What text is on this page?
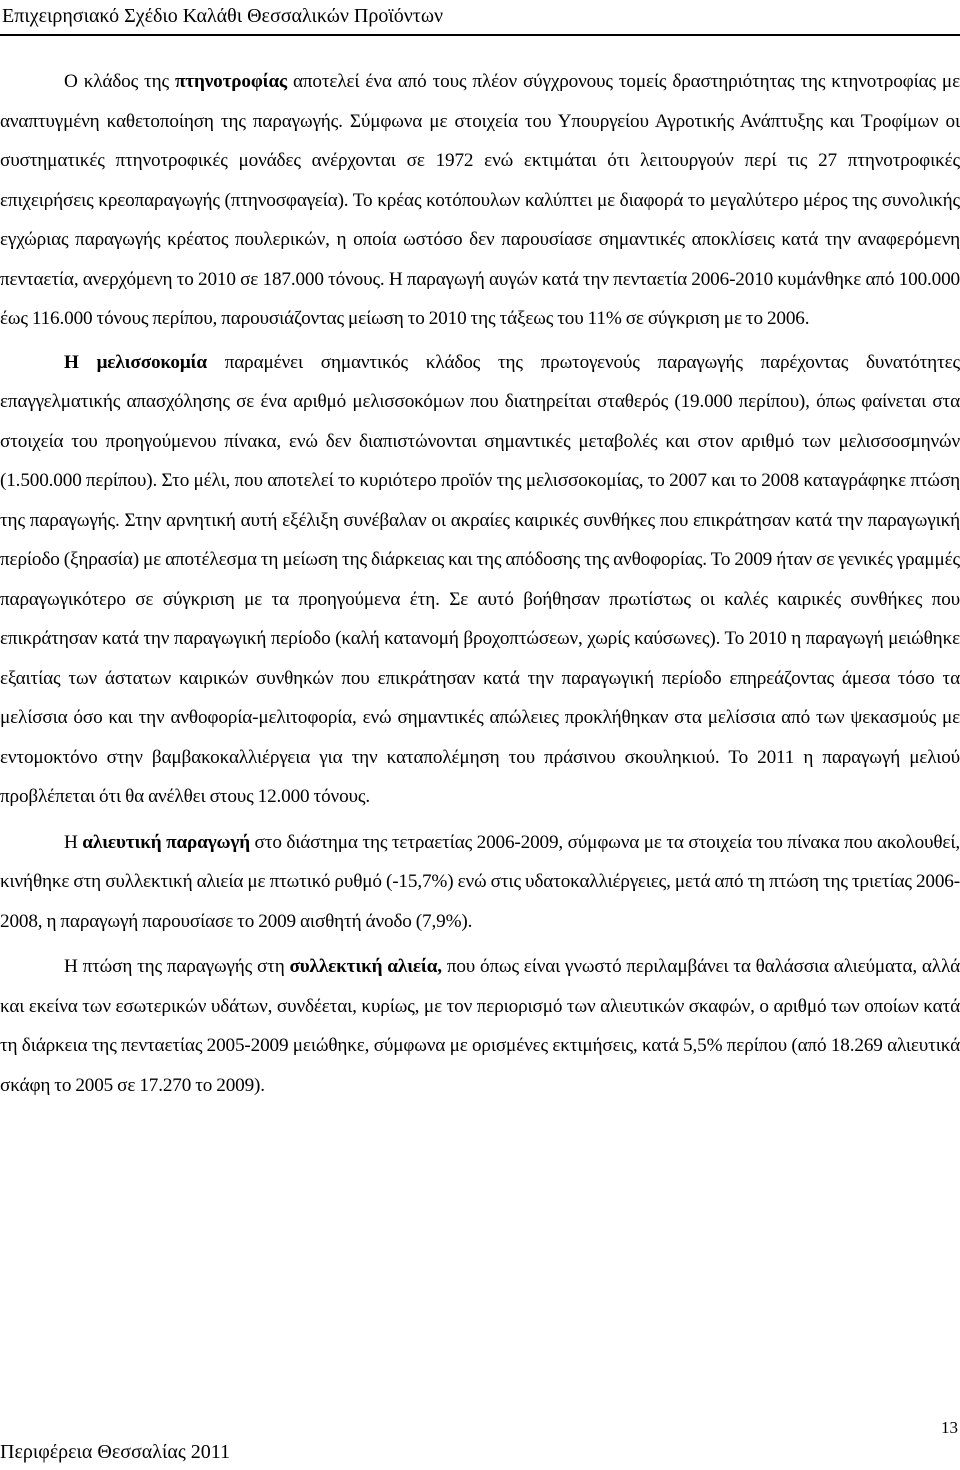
Επιχειρησιακό Σχέδιο Καλάθι Θεσσαλικών Προϊόντων

Ο κλάδος της πτηνοτροφίας αποτελεί ένα από τους πλέον σύγχρονους τομείς δραστηριότητας της κτηνοτροφίας με αναπτυγμένη καθετοποίηση της παραγωγής. Σύμφωνα με στοιχεία του Υπουργείου Αγροτικής Ανάπτυξης και Τροφίμων οι συστηματικές πτηνοτροφικές μονάδες ανέρχονται σε 1972 ενώ εκτιμάται ότι λειτουργούν περί τις 27 πτηνοτροφικές επιχειρήσεις κρεοπαραγωγής (πτηνοσφαγεία). Το κρέας κοτόπουλων καλύπτει με διαφορά το μεγαλύτερο μέρος της συνολικής εγχώριας παραγωγής κρέατος πουλερικών, η οποία ωστόσο δεν παρουσίασε σημαντικές αποκλίσεις κατά την αναφερόμενη πενταετία, ανερχόμενη το 2010 σε 187.000 τόνους. Η παραγωγή αυγών κατά την πενταετία 2006-2010 κυμάνθηκε από 100.000 έως 116.000 τόνους περίπου, παρουσιάζοντας μείωση το 2010 της τάξεως του 11% σε σύγκριση με το 2006.

Η μελισσοκομία παραμένει σημαντικός κλάδος της πρωτογενούς παραγωγής παρέχοντας δυνατότητες επαγγελματικής απασχόλησης σε ένα αριθμό μελισσοκόμων που διατηρείται σταθερός (19.000 περίπου), όπως φαίνεται στα στοιχεία του προηγούμενου πίνακα, ενώ δεν διαπιστώνονται σημαντικές μεταβολές και στον αριθμό των μελισσοσμηνών (1.500.000 περίπου). Στο μέλι, που αποτελεί το κυριότερο προϊόν της μελισσοκομίας, το 2007 και το 2008 καταγράφηκε πτώση της παραγωγής. Στην αρνητική αυτή εξέλιξη συνέβαλαν οι ακραίες καιρικές συνθήκες που επικράτησαν κατά την παραγωγική περίοδο (ξηρασία) με αποτέλεσμα τη μείωση της διάρκειας και της απόδοσης της ανθοφορίας. Το 2009 ήταν σε γενικές γραμμές παραγωγικότερο σε σύγκριση με τα προηγούμενα έτη. Σε αυτό βοήθησαν πρωτίστως οι καλές καιρικές συνθήκες που επικράτησαν κατά την παραγωγική περίοδο (καλή κατανομή βροχοπτώσεων, χωρίς καύσωνες). Το 2010 η παραγωγή μειώθηκε εξαιτίας των άστατων καιρικών συνθηκών που επικράτησαν κατά την παραγωγική περίοδο επηρεάζοντας άμεσα τόσο τα μελίσσια όσο και την ανθοφορία-μελιτοφορία, ενώ σημαντικές απώλειες προκλήθηκαν στα μελίσσια από των ψεκασμούς με εντομοκτόνο στην βαμβακοκαλλιέργεια για την καταπολέμηση του πράσινου σκουληκιού. Το 2011 η παραγωγή μελιού προβλέπεται ότι θα ανέλθει στους 12.000 τόνους.

Η αλιευτική παραγωγή στο διάστημα της τετραετίας 2006-2009, σύμφωνα με τα στοιχεία του πίνακα που ακολουθεί, κινήθηκε στη συλλεκτική αλιεία με πτωτικό ρυθμό (-15,7%) ενώ στις υδατοκαλλιέργειες, μετά από τη πτώση της τριετίας 2006-2008, η παραγωγή παρουσίασε το 2009 αισθητή άνοδο (7,9%).

Η πτώση της παραγωγής στη συλλεκτική αλιεία, που όπως είναι γνωστό περιλαμβάνει τα θαλάσσια αλιεύματα, αλλά και εκείνα των εσωτερικών υδάτων, συνδέεται, κυρίως, με τον περιορισμό των αλιευτικών σκαφών, ο αριθμό των οποίων κατά τη διάρκεια της πενταετίας 2005-2009 μειώθηκε, σύμφωνα με ορισμένες εκτιμήσεις, κατά 5,5% περίπου (από 18.269 αλιευτικά σκάφη το 2005 σε 17.270 το 2009).

13
Περιφέρεια Θεσσαλίας 2011
